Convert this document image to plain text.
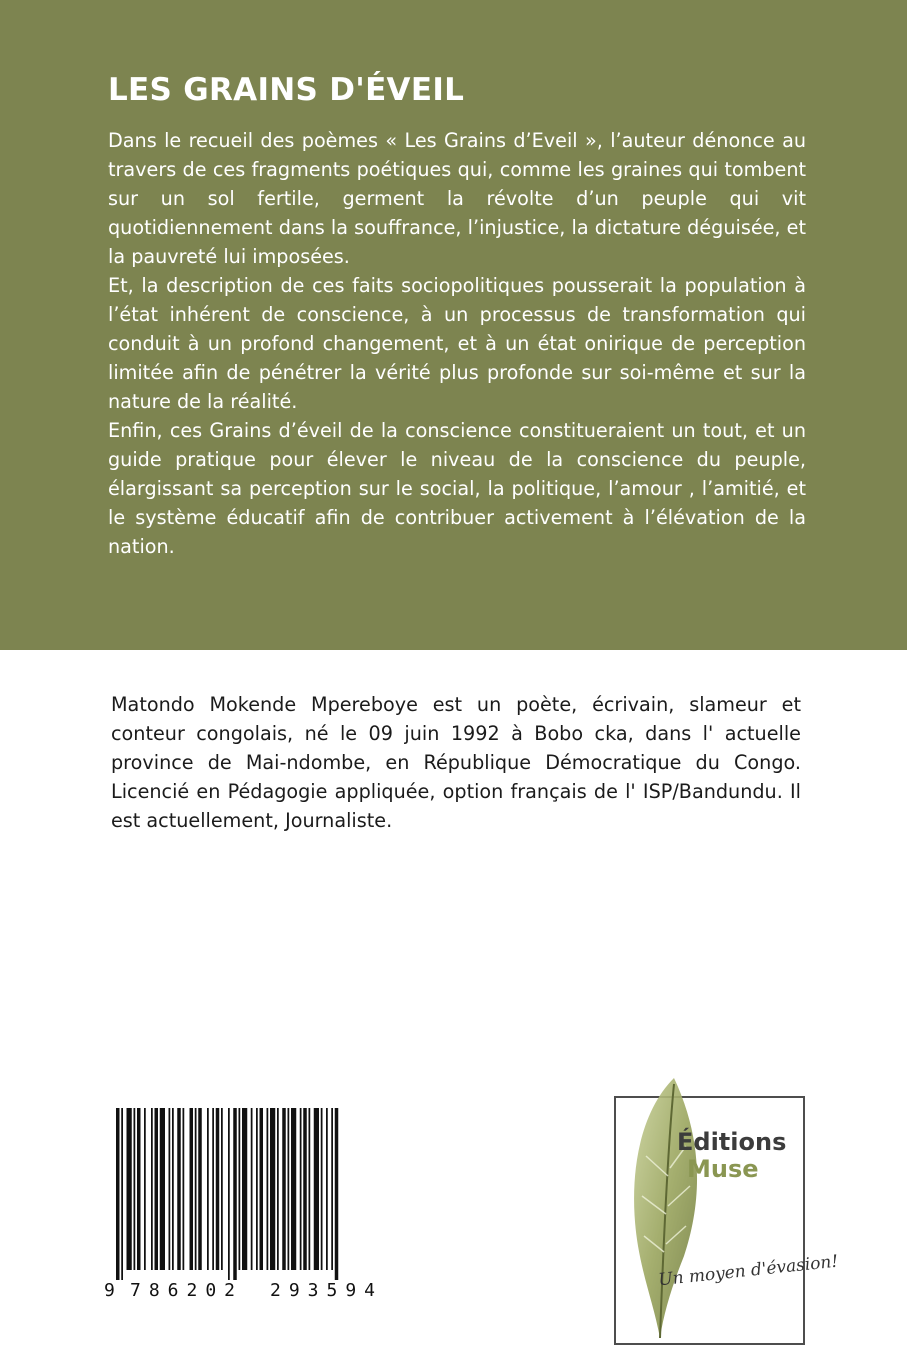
LES GRAINS D'ÉVEIL

Dans le recueil des poèmes « Les Grains d’Eveil », l’auteur dénonce au travers de ces fragments poétiques qui, comme les graines qui tombent sur un sol fertile, germent la révolte d’un peuple qui vit quotidiennement dans la souffrance, l’injustice, la dictature déguisée, et la pauvreté lui imposées.

Et, la description de ces faits sociopolitiques pousserait la population à l’état inhérent de conscience, à un processus de transformation qui conduit à un profond changement, et à un état onirique de perception limitée afin de pénétrer la vérité plus profonde sur soi-même et sur la nature de la réalité.

Enfin, ces Grains d’éveil de la conscience constitueraient un tout, et un guide pratique pour élever le niveau de la conscience du peuple, élargissant sa perception sur le social, la politique, l’amour , l’amitié, et le système éducatif afin de contribuer activement à l’élévation de la nation.

Matondo Mokende Mpereboye est un poète, écrivain, slameur et conteur congolais, né le 09 juin 1992 à Bobo cka, dans l' actuelle province de Mai-ndombe, en République Démocratique du Congo. Licencié en Pédagogie appliquée, option français de l' ISP/Bandundu. Il est actuellement, Journaliste.

9 786202 293594
Éditions
Muse
Un moyen d'évasion!
